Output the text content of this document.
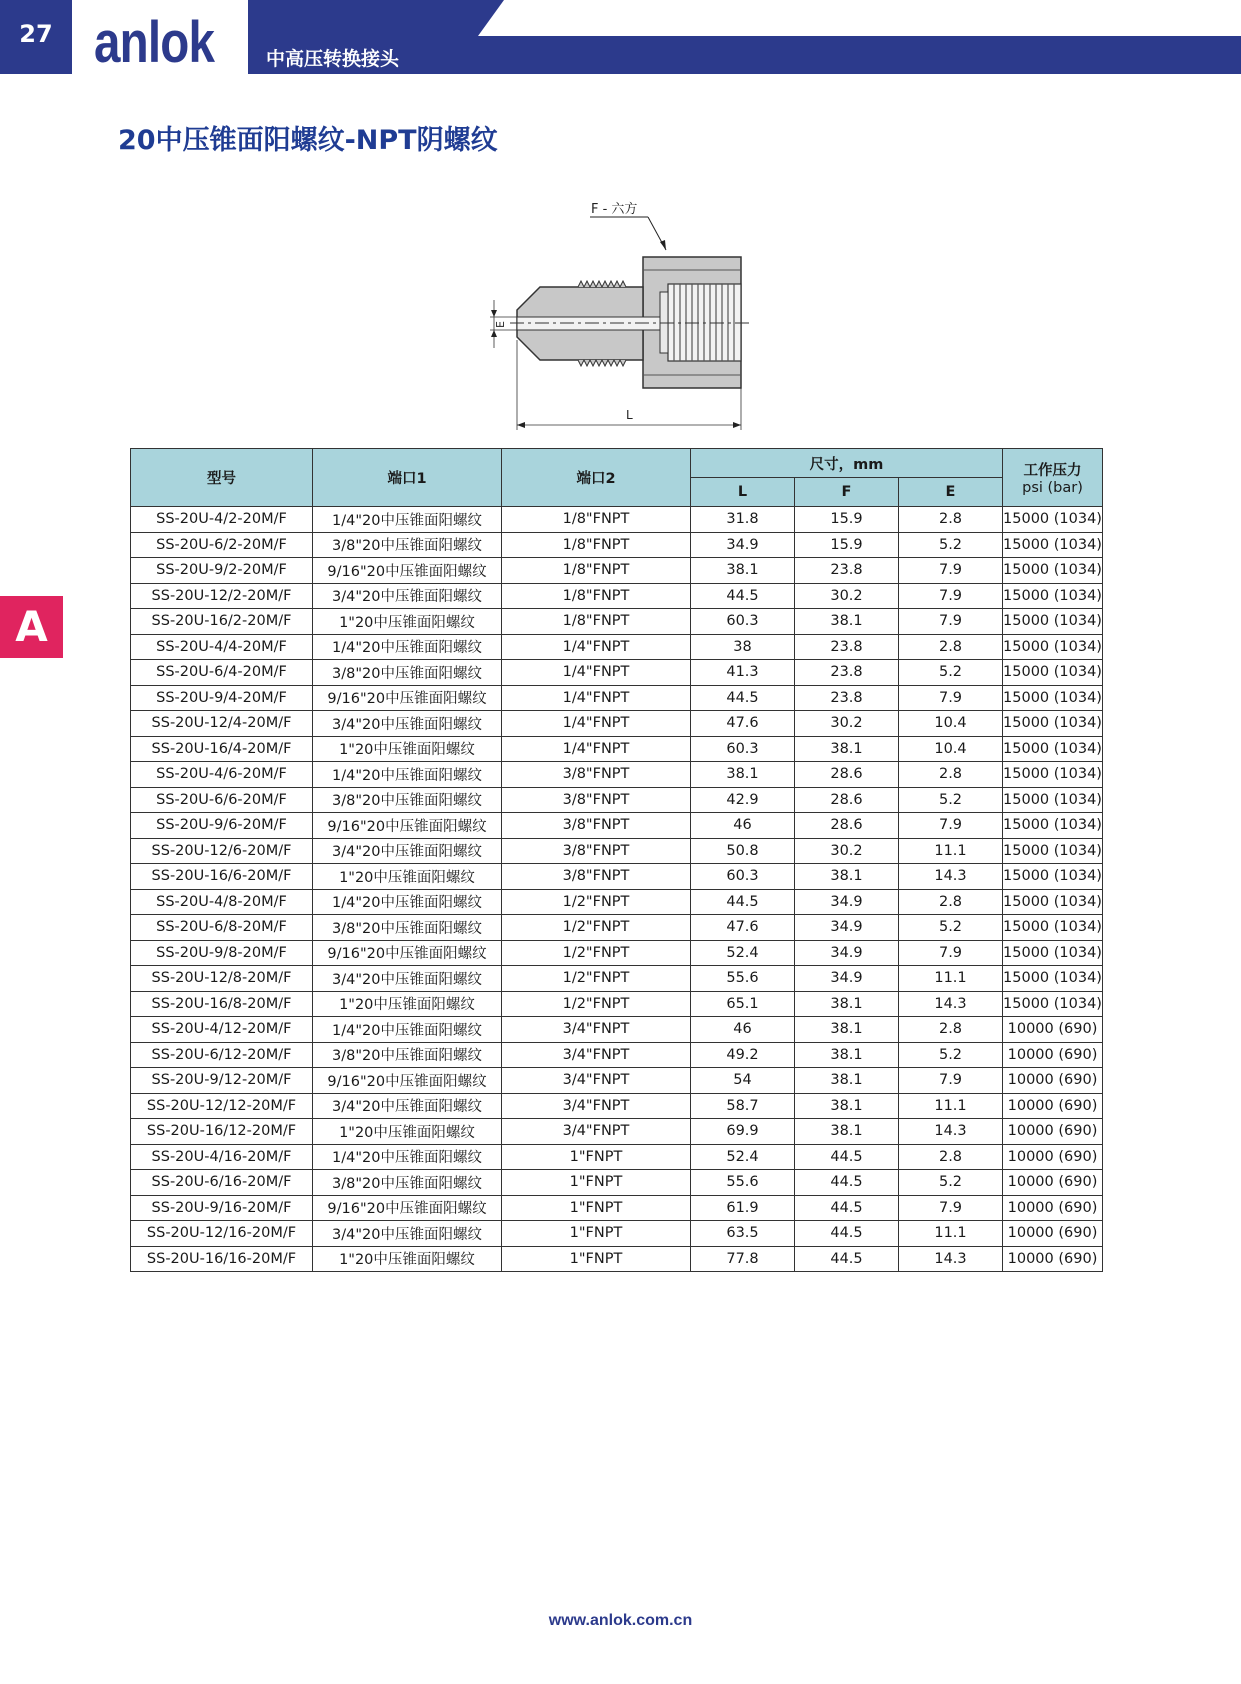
27 anlok	中高压转换接头
20中压锥面阳螺纹-NPT阴螺纹
A
F - 六方
E
L
型号	端口1	端口2	尺寸，mm			工作压力
psi (bar)

			L	F	E	
SS-20U-4/2-20M/F	1/4"20中压锥面阳螺纹	1/8"FNPT	31.8	15.9	2.8	15000 (1034)
SS-20U-6/2-20M/F	3/8"20中压锥面阳螺纹	1/8"FNPT	34.9	15.9	5.2	15000 (1034)
SS-20U-9/2-20M/F	9/16"20中压锥面阳螺纹	1/8"FNPT	38.1	23.8	7.9	15000 (1034)
SS-20U-12/2-20M/F	3/4"20中压锥面阳螺纹	1/8"FNPT	44.5	30.2	7.9	15000 (1034)
SS-20U-16/2-20M/F	1"20中压锥面阳螺纹	1/8"FNPT	60.3	38.1	7.9	15000 (1034)
SS-20U-4/4-20M/F	1/4"20中压锥面阳螺纹	1/4"FNPT	38	23.8	2.8	15000 (1034)
SS-20U-6/4-20M/F	3/8"20中压锥面阳螺纹	1/4"FNPT	41.3	23.8	5.2	15000 (1034)
SS-20U-9/4-20M/F	9/16"20中压锥面阳螺纹	1/4"FNPT	44.5	23.8	7.9	15000 (1034)
SS-20U-12/4-20M/F	3/4"20中压锥面阳螺纹	1/4"FNPT	47.6	30.2	10.4	15000 (1034)
SS-20U-16/4-20M/F	1"20中压锥面阳螺纹	1/4"FNPT	60.3	38.1	10.4	15000 (1034)
SS-20U-4/6-20M/F	1/4"20中压锥面阳螺纹	3/8"FNPT	38.1	28.6	2.8	15000 (1034)
SS-20U-6/6-20M/F	3/8"20中压锥面阳螺纹	3/8"FNPT	42.9	28.6	5.2	15000 (1034)
SS-20U-9/6-20M/F	9/16"20中压锥面阳螺纹	3/8"FNPT	46	28.6	7.9	15000 (1034)
SS-20U-12/6-20M/F	3/4"20中压锥面阳螺纹	3/8"FNPT	50.8	30.2	11.1	15000 (1034)
SS-20U-16/6-20M/F	1"20中压锥面阳螺纹	3/8"FNPT	60.3	38.1	14.3	15000 (1034)
SS-20U-4/8-20M/F	1/4"20中压锥面阳螺纹	1/2"FNPT	44.5	34.9	2.8	15000 (1034)
SS-20U-6/8-20M/F	3/8"20中压锥面阳螺纹	1/2"FNPT	47.6	34.9	5.2	15000 (1034)
SS-20U-9/8-20M/F	9/16"20中压锥面阳螺纹	1/2"FNPT	52.4	34.9	7.9	15000 (1034)
SS-20U-12/8-20M/F	3/4"20中压锥面阳螺纹	1/2"FNPT	55.6	34.9	11.1	15000 (1034)
SS-20U-16/8-20M/F	1"20中压锥面阳螺纹	1/2"FNPT	65.1	38.1	14.3	15000 (1034)
SS-20U-4/12-20M/F	1/4"20中压锥面阳螺纹	3/4"FNPT	46	38.1	2.8	10000 (690)
SS-20U-6/12-20M/F	3/8"20中压锥面阳螺纹	3/4"FNPT	49.2	38.1	5.2	10000 (690)
SS-20U-9/12-20M/F	9/16"20中压锥面阳螺纹	3/4"FNPT	54	38.1	7.9	10000 (690)
SS-20U-12/12-20M/F	3/4"20中压锥面阳螺纹	3/4"FNPT	58.7	38.1	11.1	10000 (690)
SS-20U-16/12-20M/F	1"20中压锥面阳螺纹	3/4"FNPT	69.9	38.1	14.3	10000 (690)
SS-20U-4/16-20M/F	1/4"20中压锥面阳螺纹	1"FNPT	52.4	44.5	2.8	10000 (690)
SS-20U-6/16-20M/F	3/8"20中压锥面阳螺纹	1"FNPT	55.6	44.5	5.2	10000 (690)
SS-20U-9/16-20M/F	9/16"20中压锥面阳螺纹	1"FNPT	61.9	44.5	7.9	10000 (690)
SS-20U-12/16-20M/F	3/4"20中压锥面阳螺纹	1"FNPT	63.5	44.5	11.1	10000 (690)
SS-20U-16/16-20M/F	1"20中压锥面阳螺纹	1"FNPT	77.8	44.5	14.3	10000 (690)
www.anlok.com.cn
